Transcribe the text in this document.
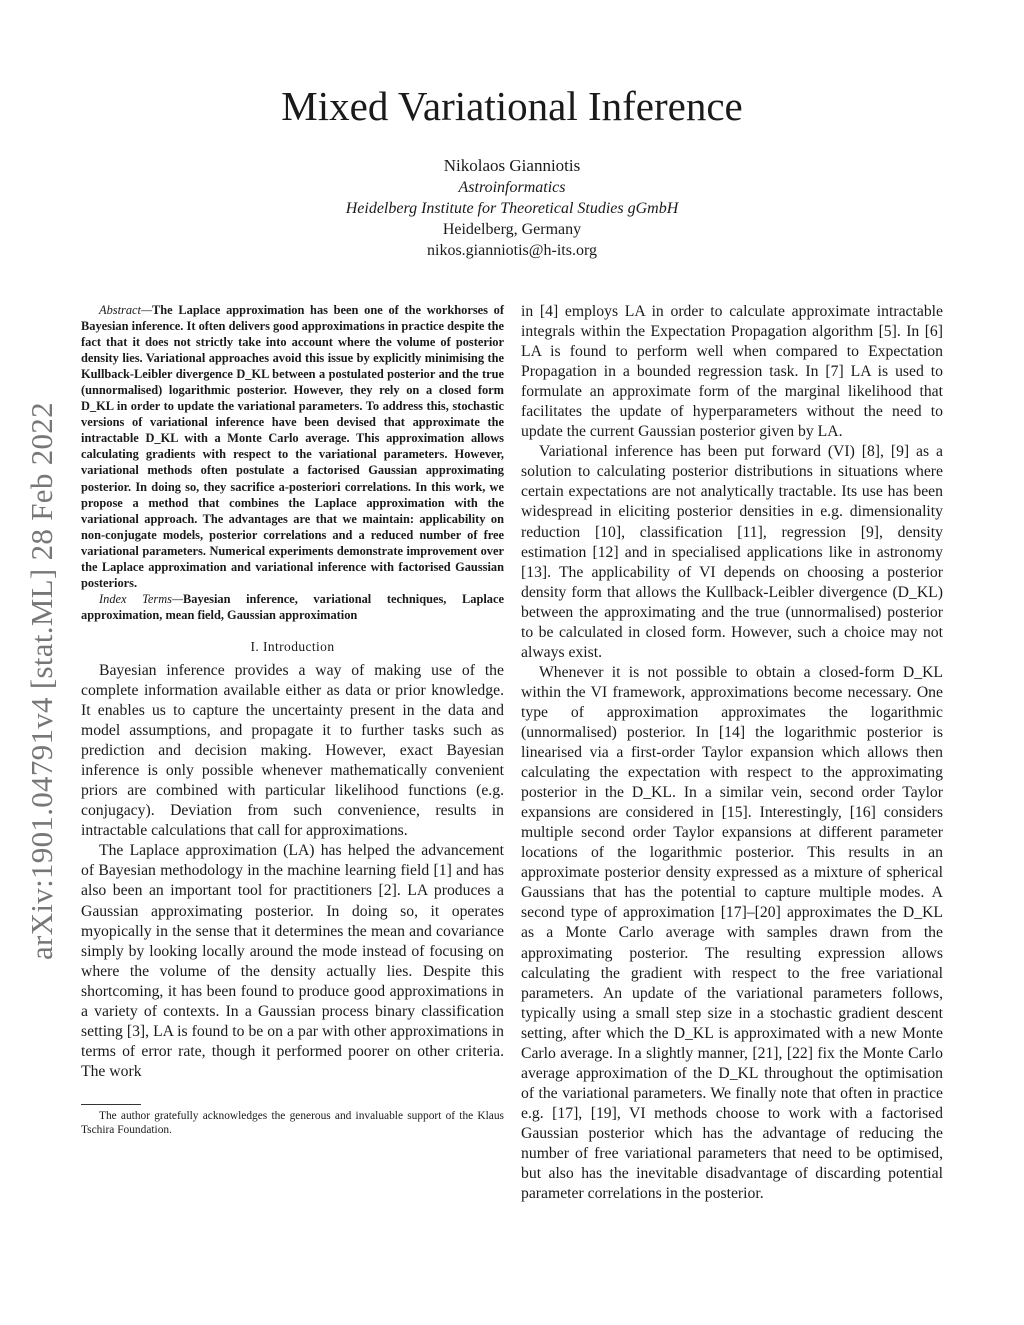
arXiv:1901.04791v4 [stat.ML] 28 Feb 2022
Mixed Variational Inference
Nikolaos Gianniotis
Astroinformatics
Heidelberg Institute for Theoretical Studies gGmbH
Heidelberg, Germany
nikos.gianniotis@h-its.org

Abstract—The Laplace approximation has been one of the workhorses of Bayesian inference. It often delivers good approximations in practice despite the fact that it does not strictly take into account where the volume of posterior density lies. Variational approaches avoid this issue by explicitly minimising the Kullback-Leibler divergence D_KL between a postulated posterior and the true (unnormalised) logarithmic posterior. However, they rely on a closed form D_KL in order to update the variational parameters. To address this, stochastic versions of variational inference have been devised that approximate the intractable D_KL with a Monte Carlo average. This approximation allows calculating gradients with respect to the variational parameters. However, variational methods often postulate a factorised Gaussian approximating posterior. In doing so, they sacrifice a-posteriori correlations. In this work, we propose a method that combines the Laplace approximation with the variational approach. The advantages are that we maintain: applicability on non-conjugate models, posterior correlations and a reduced number of free variational parameters. Numerical experiments demonstrate improvement over the Laplace approximation and variational inference with factorised Gaussian posteriors.

Index Terms—Bayesian inference, variational techniques, Laplace approximation, mean field, Gaussian approximation

I. Introduction

Bayesian inference provides a way of making use of the complete information available either as data or prior knowledge. It enables us to capture the uncertainty present in the data and model assumptions, and propagate it to further tasks such as prediction and decision making. However, exact Bayesian inference is only possible whenever mathematically convenient priors are combined with particular likelihood functions (e.g. conjugacy). Deviation from such convenience, results in intractable calculations that call for approximations.

The Laplace approximation (LA) has helped the advancement of Bayesian methodology in the machine learning field [1] and has also been an important tool for practitioners [2]. LA produces a Gaussian approximating posterior. In doing so, it operates myopically in the sense that it determines the mean and covariance simply by looking locally around the mode instead of focusing on where the volume of the density actually lies. Despite this shortcoming, it has been found to produce good approximations in a variety of contexts. In a Gaussian process binary classification setting [3], LA is found to be on a par with other approximations in terms of error rate, though it performed poorer on other criteria. The work

The author gratefully acknowledges the generous and invaluable support of the Klaus Tschira Foundation.

in [4] employs LA in order to calculate approximate intractable integrals within the Expectation Propagation algorithm [5]. In [6] LA is found to perform well when compared to Expectation Propagation in a bounded regression task. In [7] LA is used to formulate an approximate form of the marginal likelihood that facilitates the update of hyperparameters without the need to update the current Gaussian posterior given by LA.

Variational inference has been put forward (VI) [8], [9] as a solution to calculating posterior distributions in situations where certain expectations are not analytically tractable. Its use has been widespread in eliciting posterior densities in e.g. dimensionality reduction [10], classification [11], regression [9], density estimation [12] and in specialised applications like in astronomy [13]. The applicability of VI depends on choosing a posterior density form that allows the Kullback-Leibler divergence (D_KL) between the approximating and the true (unnormalised) posterior to be calculated in closed form. However, such a choice may not always exist.

Whenever it is not possible to obtain a closed-form D_KL within the VI framework, approximations become necessary. One type of approximation approximates the logarithmic (unnormalised) posterior. In [14] the logarithmic posterior is linearised via a first-order Taylor expansion which allows then calculating the expectation with respect to the approximating posterior in the D_KL. In a similar vein, second order Taylor expansions are considered in [15]. Interestingly, [16] considers multiple second order Taylor expansions at different parameter locations of the logarithmic posterior. This results in an approximate posterior density expressed as a mixture of spherical Gaussians that has the potential to capture multiple modes. A second type of approximation [17]–[20] approximates the D_KL as a Monte Carlo average with samples drawn from the approximating posterior. The resulting expression allows calculating the gradient with respect to the free variational parameters. An update of the variational parameters follows, typically using a small step size in a stochastic gradient descent setting, after which the D_KL is approximated with a new Monte Carlo average. In a slightly manner, [21], [22] fix the Monte Carlo average approximation of the D_KL throughout the optimisation of the variational parameters. We finally note that often in practice e.g. [17], [19], VI methods choose to work with a factorised Gaussian posterior which has the advantage of reducing the number of free variational parameters that need to be optimised, but also has the inevitable disadvantage of discarding potential parameter correlations in the posterior.
